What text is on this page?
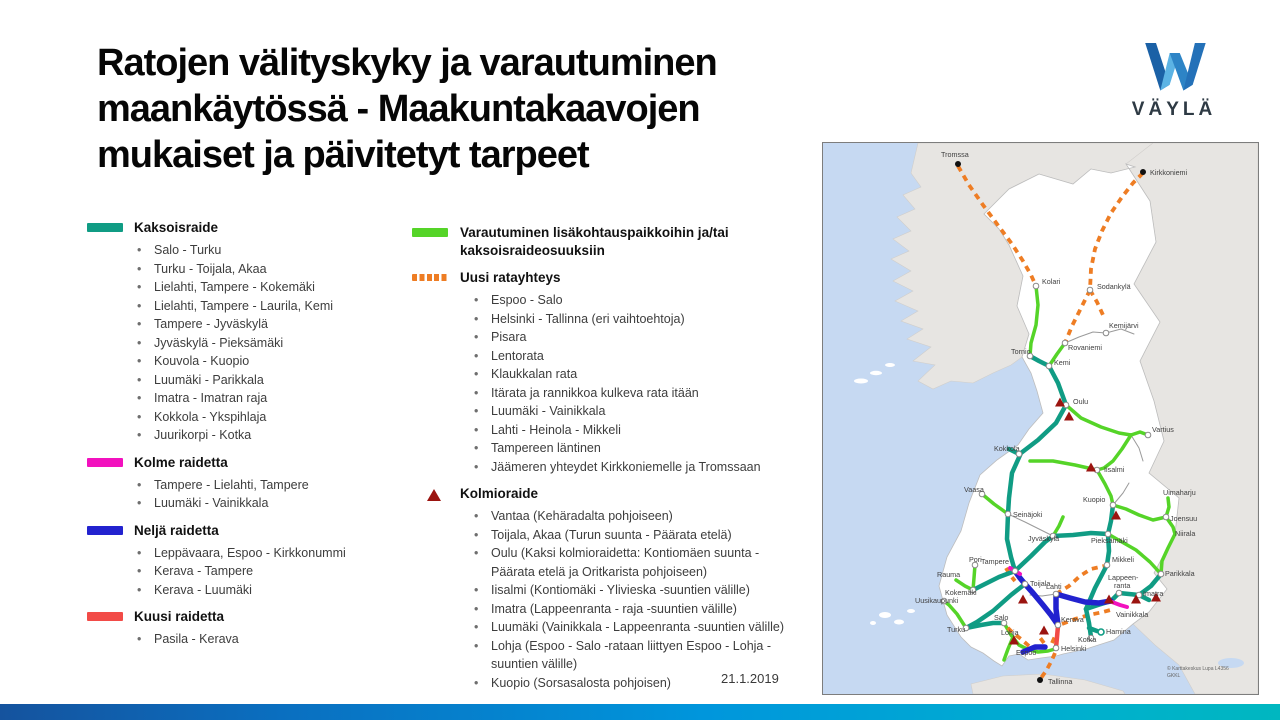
Ratojen välityskyky ja varautuminen
maankäytössä - Maakuntakaavojen
mukaiset ja päivitetyt tarpeet
VÄYLÄ
Kaksoisraide
• Salo - Turku
• Turku - Toijala, Akaa
• Lielahti, Tampere - Kokemäki
• Lielahti, Tampere - Laurila, Kemi
• Tampere - Jyväskylä
• Jyväskylä - Pieksämäki
• Kouvola - Kuopio
• Luumäki - Parikkala
• Imatra - Imatran raja
• Kokkola - Ykspihlaja
• Juurikorpi - Kotka
Kolme raidetta
• Tampere - Lielahti, Tampere
• Luumäki - Vainikkala
Neljä raidetta
• Leppävaara, Espoo - Kirkkonummi
• Kerava - Tampere
• Kerava - Luumäki
Kuusi raidetta
• Pasila - Kerava
Varautuminen lisäkohtauspaikkoihin ja/tai kaksoisraideosuuksiin
Uusi ratayhteys
• Espoo - Salo
• Helsinki - Tallinna (eri vaihtoehtoja)
• Pisara
• Lentorata
• Klaukkalan rata
• Itärata ja rannikkoa kulkeva rata itään
• Luumäki - Vainikkala
• Lahti - Heinola - Mikkeli
• Tampereen läntinen
• Jäämeren yhteydet Kirkkoniemelle ja Tromssaan
Kolmioraide
• Vantaa (Kehäradalta pohjoiseen)
• Toijala, Akaa (Turun suunta - Päärata etelä)
• Oulu (Kaksi kolmioraidetta: Kontiomäen suunta - Päärata etelä ja Oritkarista pohjoiseen)
• Iisalmi (Kontiomäki - Ylivieska -suuntien välille)
• Imatra (Lappeenranta - raja -suuntien välille)
• Luumäki (Vainikkala - Lappeenranta -suuntien välille)
• Lohja (Espoo - Salo -rataan liittyen Espoo - Lohja - suuntien välille)
• Kuopio (Sorsasalosta pohjoisen)
Tromssa
Kirkkoniemi
Kolari
Sodankylä
Kemijärvi
Rovaniemi
Tornio
Kemi
Oulu
Vartius
Kokkola
Iisalmi
Vaasa
Seinäjoki
Kuopio
Uimaharju
Joensuu
Niirala
Jyväskylä	Pieksämäki
Pori Tampere	Mikkeli
Parikkala
Rauma
Toijala
Lappeen-
ranta
Kokemäki
Lahti
Imatra
Uusikaupunki
Vainikkala
Turku
Salo
Lohja
Kerava
Hamina
Kotka
Espoo	Helsinki
Tallinna
© Karttakeskus Lupa L4356
GKKL
21.1.2019
